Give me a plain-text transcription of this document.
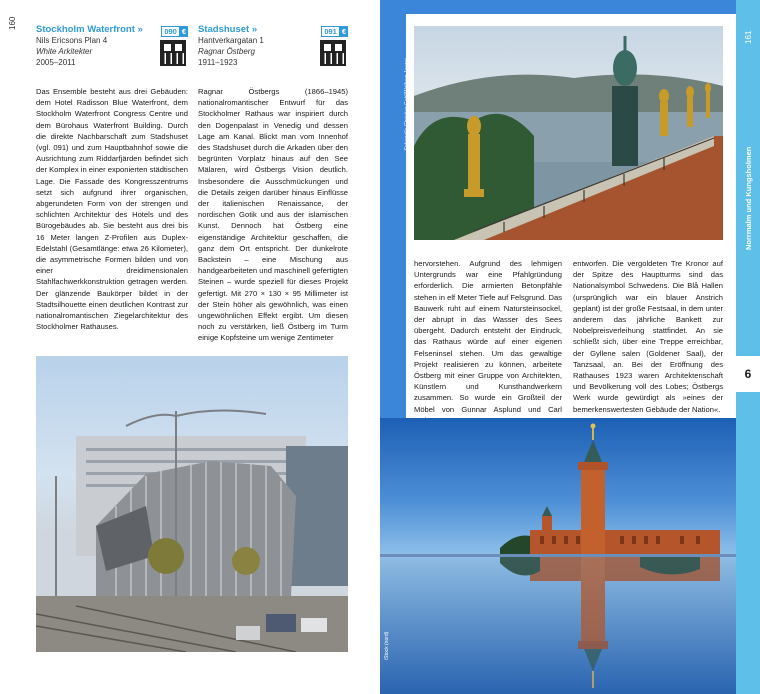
160 Stockholm Waterfront »	090 €
Nils Ericsons Plan 4
White Arkitekter
2005–2011
Stadshuset »	091 €
Hantverkargatan 1
Ragnar Östberg
1911–1923

Das Ensemble besteht aus drei Gebäuden: dem Hotel Radisson Blue Waterfront, dem Stockholm Waterfront Congress Centre und dem Bürohaus Waterfront Building. Durch die direkte Nachbarschaft zum Stadshuset (vgl. 091) und zum Hauptbahnhof sowie die Ausrichtung zum Riddarfjärden befindet sich der Komplex in einer exponierten städtischen Lage. Die Fassade des Kongresszentrums setzt sich aufgrund ihrer organischen, abgerundeten Form von der strengen und schlichten Architektur des Hotels und des Bürogebäudes ab. Sie besteht aus drei bis 16 Meter langen Z-Profilen aus Duplex-Edelstahl (Gesamtlänge: etwa 26 Kilometer), die asymmetrische Formen bilden und von einer dreidimensionalen Stahlfachwerkkonstruktion getragen werden. Der glänzende Baukörper bildet in der Stadtsilhouette einen deutlichen Kontrast zur nationalromantischen Ziegelarchitektur des Stockholmer Rathauses.

Ragnar Östbergs (1866–1945) nationalromantischer Entwurf für das Stockholmer Rathaus war inspiriert durch den Dogenpalast in Venedig und dessen Lage am Kanal. Blickt man vom Innenhof des Stadshuset durch die Arkaden über den begrünten Vorplatz hinaus auf den See Mälaren, wird Östbergs Vision deutlich. Insbesondere die Ausschmückungen und die Details zeigen darüber hinaus Einflüsse der italienischen Renaissance, der nordischen Gotik und aus der islamischen Kunst. Dennoch hat Östberg eine eigenständige Architektur geschaffen, die ganz dem Ort entspricht. Der dunkelrote Backstein – eine Mischung aus handgearbeiteten und maschinell gefertigten Steinen – wurde speziell für dieses Projekt gefertigt. Mit 270 × 130 × 95 Millimeter ist der Stein höher als gewöhnlich, was einen ungewöhnlichen Effekt ergibt. Um diesen noch zu verstärken, ließ Östberg im Turm einige Kopfsteine um wenige Zentimeter

161
Norrmalm und Kungsholmen
6
Fotografie Christian Gahl/Wolfram Janzer

hervorstehen. Aufgrund des lehmigen Untergrunds war eine Pfahlgründung erforderlich. Die armierten Betonpfähle stehen in elf Meter Tiefe auf Felsgrund. Das Bauwerk ruht auf einem Natursteinsockel, der abrupt in das Wasser des Sees übergeht. Dadurch entsteht der Eindruck, das Rathaus würde auf einer eigenen Felseninsel stehen. Um das gewaltige Projekt realisieren zu können, arbeitete Östberg mit einer Gruppe von Architekten, Künstlern und Kunsthandwerkern zusammen. So wurde ein Großteil der Möbel von Gunnar Asplund und Carl

entworfen. Die vergoldeten Tre Kronor auf der Spitze des Hauptturms sind das Nationalsymbol Schwedens. Die Blå Hallen (ursprünglich war ein blauer Anstrich geplant) ist der große Festsaal, in dem unter anderem das jährliche Bankett zur Nobelpreisverleihung stattfindet. An sie schließt sich, über eine Treppe erreichbar, der Gyllene salen (Goldener Saal), der Tanzsaal, an. Bei der Eröffnung des Rathauses 1923 waren Architektenschaft und Bevölkerung voll des Lobes; Östbergs Werk wurde gewürdigt als »eines der bemerkenswertesten Gebäude der Nation«.

iStock (nord)
